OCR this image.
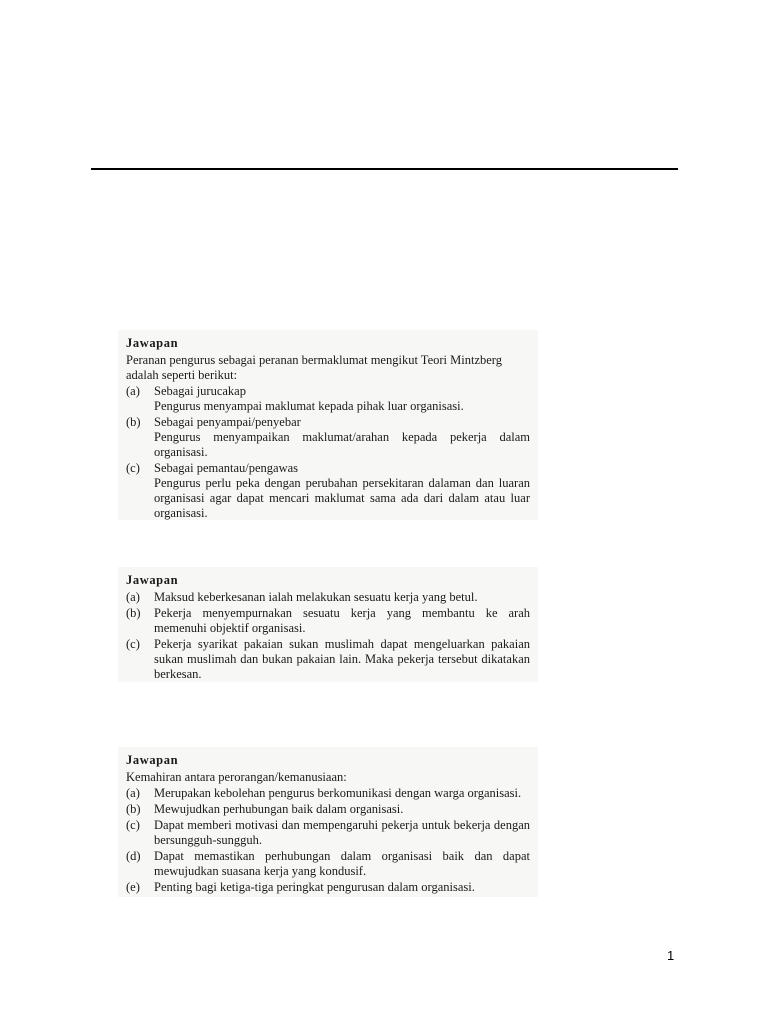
Jawapan

Peranan pengurus sebagai peranan bermaklumat mengikut Teori Mintzberg adalah seperti berikut:

(a)	Sebagai jurucakap
Pengurus menyampai maklumat kepada pihak luar organisasi.
(b)	Sebagai penyampai/penyebar
Pengurus menyampaikan maklumat/arahan kepada pekerja dalam organisasi.
(c)	Sebagai pemantau/pengawas
Pengurus perlu peka dengan perubahan persekitaran dalaman dan luaran organisasi agar dapat mencari maklumat sama ada dari dalam atau luar organisasi.

Jawapan

(a)	Maksud keberkesanan ialah melakukan sesuatu kerja yang betul.
(b)	Pekerja menyempurnakan sesuatu kerja yang membantu ke arah memenuhi objektif organisasi.
(c)	Pekerja syarikat pakaian sukan muslimah dapat mengeluarkan pakaian sukan muslimah dan bukan pakaian lain. Maka pekerja tersebut dikatakan berkesan.

Jawapan

Kemahiran antara perorangan/kemanusiaan:

(a)	Merupakan kebolehan pengurus berkomunikasi dengan warga organisasi.
(b)	Mewujudkan perhubungan baik dalam organisasi.
(c)	Dapat memberi motivasi dan mempengaruhi pekerja untuk bekerja dengan bersungguh-sungguh.
(d)	Dapat memastikan perhubungan dalam organisasi baik dan dapat mewujudkan suasana kerja yang kondusif.
(e)	Penting bagi ketiga-tiga peringkat pengurusan dalam organisasi.
1
